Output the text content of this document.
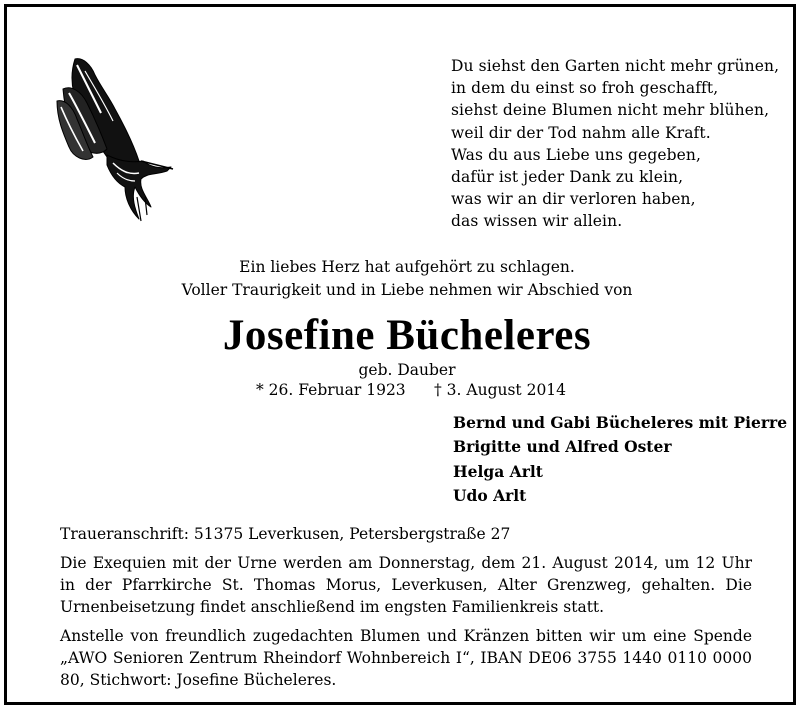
Du siehst den Garten nicht mehr grünen,
in dem du einst so froh geschafft,
siehst deine Blumen nicht mehr blühen,
weil dir der Tod nahm alle Kraft.
Was du aus Liebe uns gegeben,
dafür ist jeder Dank zu klein,
was wir an dir verloren haben,
das wissen wir allein.
Ein liebes Herz hat aufgehört zu schlagen.
Voller Traurigkeit und in Liebe nehmen wir Abschied von
Josefine Bücheleres
geb. Dauber
* 26. Februar 1923 † 3. August 2014
Bernd und Gabi Bücheleres mit Pierre
Brigitte und Alfred Oster
Helga Arlt
Udo Arlt

Traueranschrift: 51375 Leverkusen, Petersbergstraße 27

Die Exequien mit der Urne werden am Donnerstag, dem 21. August 2014, um 12 Uhr in der Pfarrkirche St. Thomas Morus, Leverkusen, Alter Grenzweg, gehalten. Die Urnenbeisetzung findet anschließend im engsten Familienkreis statt.

Anstelle von freundlich zugedachten Blumen und Kränzen bitten wir um eine Spende „AWO Senioren Zentrum Rheindorf Wohnbereich I“, IBAN DE06 3755 1440 0110 0000 80, Stichwort: Josefine Bücheleres.
